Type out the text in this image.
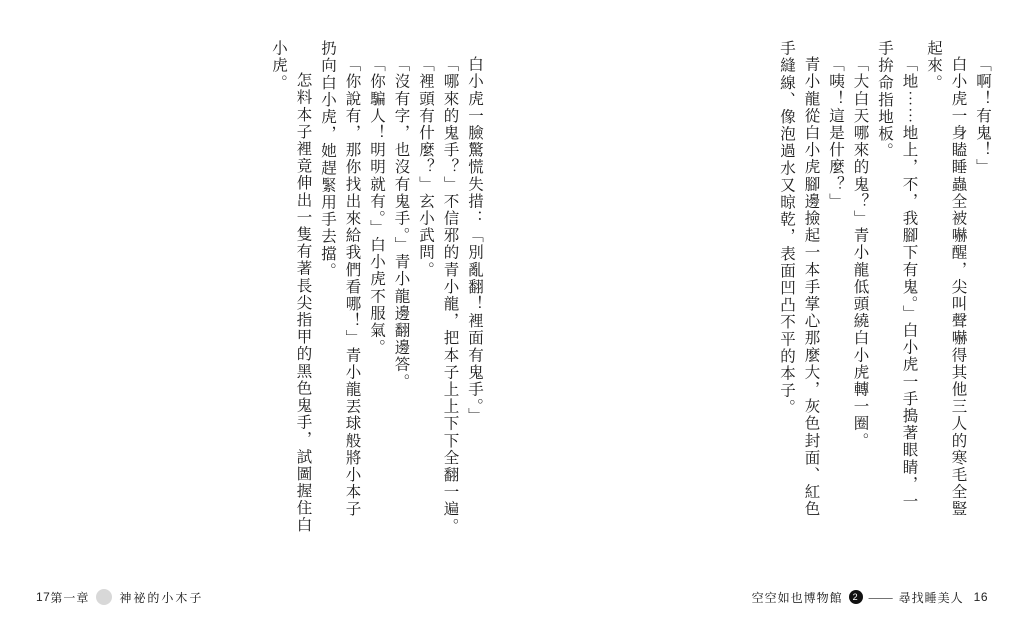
白小虎一臉驚慌失措：「別亂翻！裡面有鬼手。」
「哪來的鬼手？」不信邪的青小龍，把本子上上下下全翻一遍。
「裡頭有什麼？」玄小武問。
「沒有字，也沒有鬼手。」青小龍邊翻邊答。
「你騙人！明明就有。」白小虎不服氣。
「你說有，那你找出來給我們看哪！」青小龍丟球般將小本子
扔向白小虎，她趕緊用手去擋。
怎料本子裡竟伸出一隻有著長尖指甲的黑色鬼手，試圖握住白
小虎。
17 第一章	神祕的小木子
「啊！有鬼！」
白小虎一身瞌睡蟲全被嚇醒，尖叫聲嚇得其他三人的寒毛全豎
起來。
「地⋯⋯地上，不，我腳下有鬼。」白小虎一手搗著眼睛，一
手拚命指地板。
「大白天哪來的鬼？」青小龍低頭繞白小虎轉一圈。
「咦！這是什麼？」
青小龍從白小虎腳邊撿起一本手掌心那麼大，灰色封面、紅色
手縫線、像泡過水又晾乾，表面凹凸不平的本子。
空空如也博物館	2 —— 尋找睡美人 16
